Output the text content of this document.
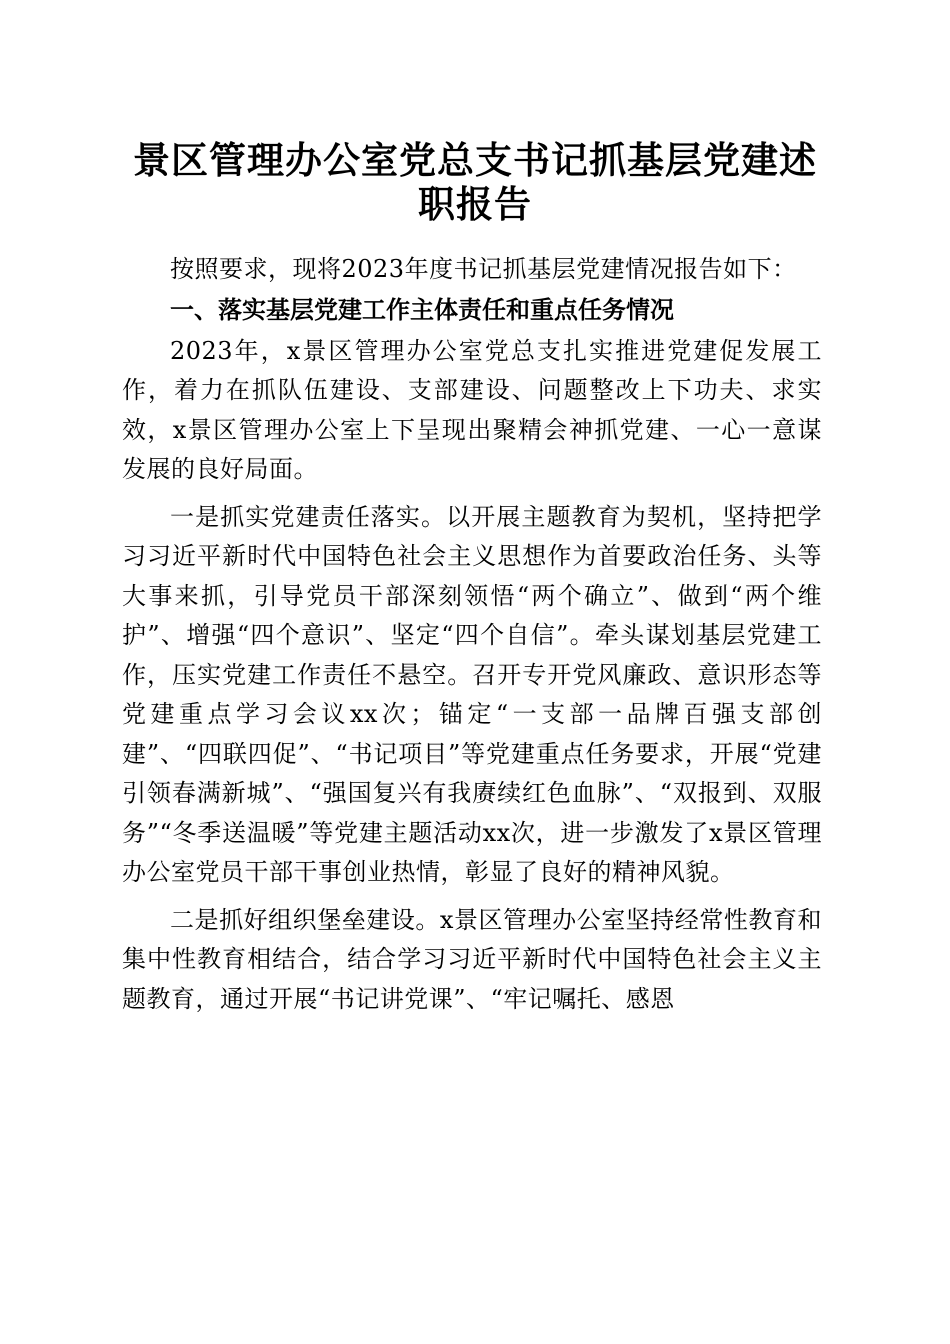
景区管理办公室党总支书记抓基层党建述职报告

按照要求，现将2023年度书记抓基层党建情况报告如下：

一、落实基层党建工作主体责任和重点任务情况

2023年，x景区管理办公室党总支扎实推进党建促发展工作，着力在抓队伍建设、支部建设、问题整改上下功夫、求实效，x景区管理办公室上下呈现出聚精会神抓党建、一心一意谋发展的良好局面。

一是抓实党建责任落实。以开展主题教育为契机，坚持把学习习近平新时代中国特色社会主义思想作为首要政治任务、头等大事来抓，引导党员干部深刻领悟“两个确立”、做到“两个维护”、增强“四个意识”、坚定“四个自信”。牵头谋划基层党建工作，压实党建工作责任不悬空。召开专开党风廉政、意识形态等党建重点学习会议xx次；锚定“一支部一品牌百强支部创建”、“四联四促”、“书记项目”等党建重点任务要求，开展“党建引领春满新城”、“强国复兴有我赓续红色血脉”、“双报到、双服务”“冬季送温暖”等党建主题活动xx次，进一步激发了x景区管理办公室党员干部干事创业热情，彰显了良好的精神风貌。

二是抓好组织堡垒建设。x景区管理办公室坚持经常性教育和集中性教育相结合，结合学习习近平新时代中国特色社会主义主题教育，通过开展“书记讲党课”、“牢记嘱托、感恩
